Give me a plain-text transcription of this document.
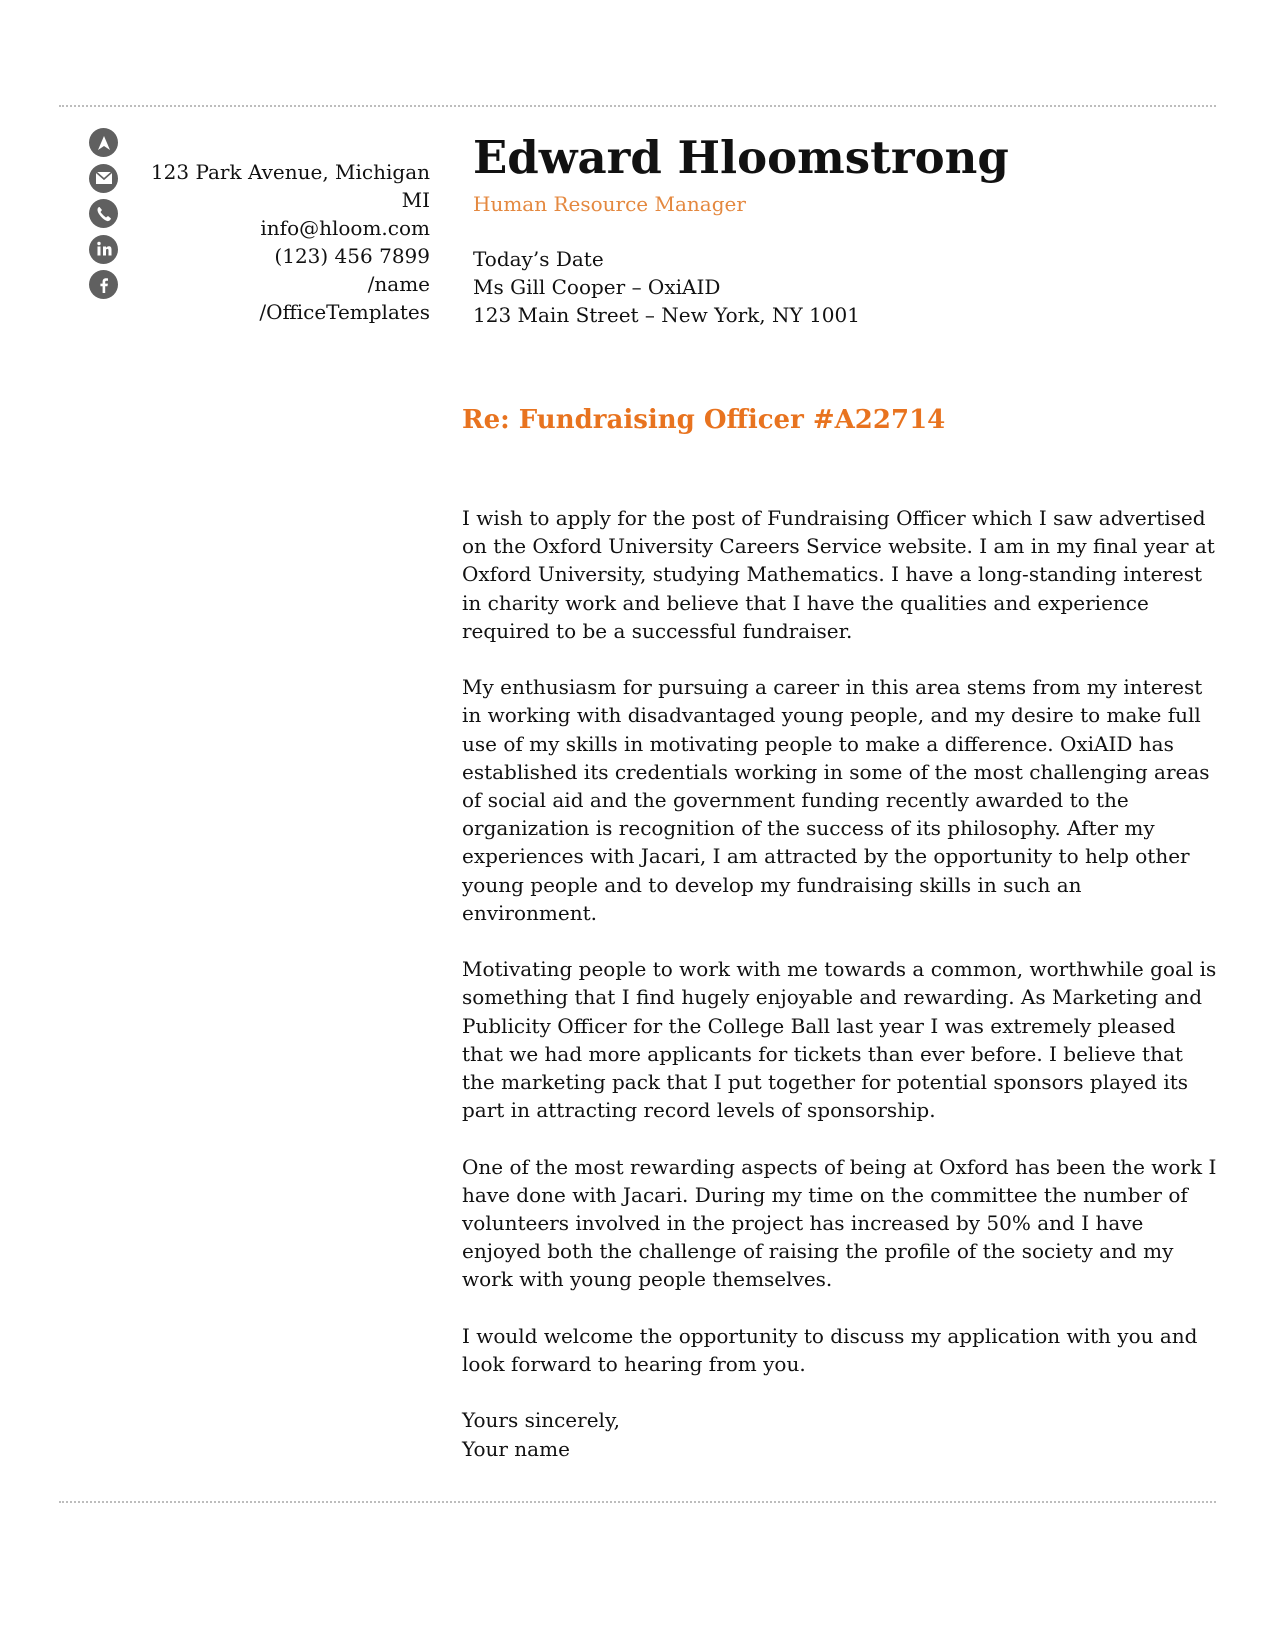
123 Park Avenue, Michigan MI
info@hloom.com
(123) 456 7899
/name
/OfficeTemplates
Edward Hloomstrong
Human Resource Manager
Today’s Date
Ms Gill Cooper – OxiAID
123 Main Street – New York, NY 1001
Re: Fundraising Officer #A22714

I wish to apply for the post of Fundraising Officer which I saw advertised on the Oxford University Careers Service website. I am in my final year at Oxford University, studying Mathematics. I have a long-standing interest in charity work and believe that I have the qualities and experience required to be a successful fundraiser.

My enthusiasm for pursuing a career in this area stems from my interest in working with disadvantaged young people, and my desire to make full use of my skills in motivating people to make a difference. OxiAID has established its credentials working in some of the most challenging areas of social aid and the government funding recently awarded to the organization is recognition of the success of its philosophy. After my experiences with Jacari, I am attracted by the opportunity to help other young people and to develop my fundraising skills in such an environment.

Motivating people to work with me towards a common, worthwhile goal is something that I find hugely enjoyable and rewarding. As Marketing and Publicity Officer for the College Ball last year I was extremely pleased that we had more applicants for tickets than ever before. I believe that the marketing pack that I put together for potential sponsors played its part in attracting record levels of sponsorship.

One of the most rewarding aspects of being at Oxford has been the work I have done with Jacari. During my time on the committee the number of volunteers involved in the project has increased by 50% and I have enjoyed both the challenge of raising the profile of the society and my work with young people themselves.

I would welcome the opportunity to discuss my application with you and look forward to hearing from you.

Yours sincerely,
Your name
